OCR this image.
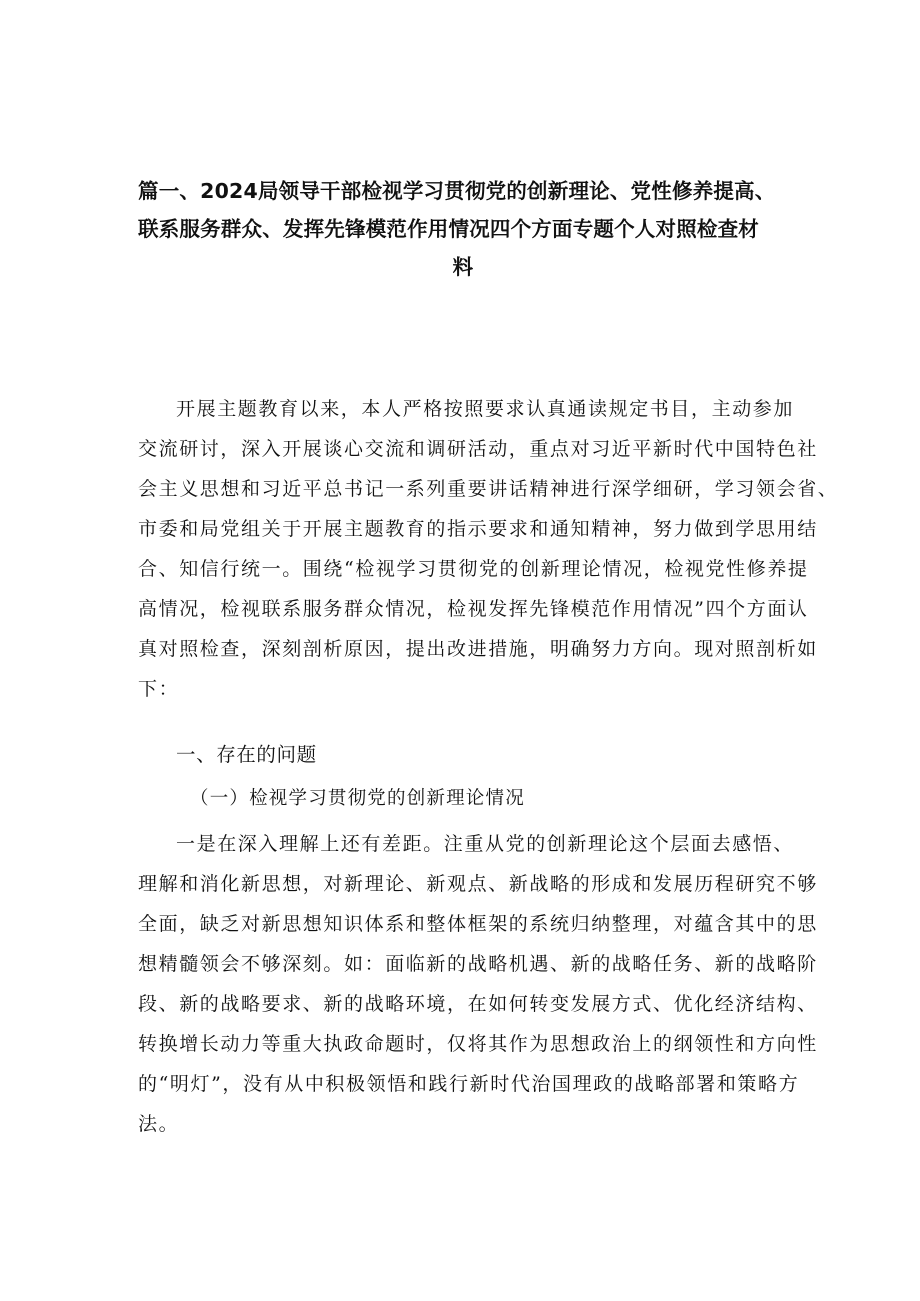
篇一、2024局领导干部检视学习贯彻党的创新理论、党性修养提高、
联系服务群众、发挥先锋模范作用情况四个方面专题个人对照检查材
料
开展主题教育以来，本人严格按照要求认真通读规定书目，主动参加
交流研讨，深入开展谈心交流和调研活动，重点对习近平新时代中国特色社
会主义思想和习近平总书记一系列重要讲话精神进行深学细研，学习领会省、
市委和局党组关于开展主题教育的指示要求和通知精神，努力做到学思用结
合、知信行统一。围绕“检视学习贯彻党的创新理论情况，检视党性修养提
高情况，检视联系服务群众情况，检视发挥先锋模范作用情况”四个方面认
真对照检查，深刻剖析原因，提出改进措施，明确努力方向。现对照剖析如
下：
一、存在的问题
（一）检视学习贯彻党的创新理论情况
一是在深入理解上还有差距。注重从党的创新理论这个层面去感悟、
理解和消化新思想，对新理论、新观点、新战略的形成和发展历程研究不够
全面，缺乏对新思想知识体系和整体框架的系统归纳整理，对蕴含其中的思
想精髓领会不够深刻。如：面临新的战略机遇、新的战略任务、新的战略阶
段、新的战略要求、新的战略环境，在如何转变发展方式、优化经济结构、
转换增长动力等重大执政命题时，仅将其作为思想政治上的纲领性和方向性
的“明灯”，没有从中积极领悟和践行新时代治国理政的战略部署和策略方
法。
